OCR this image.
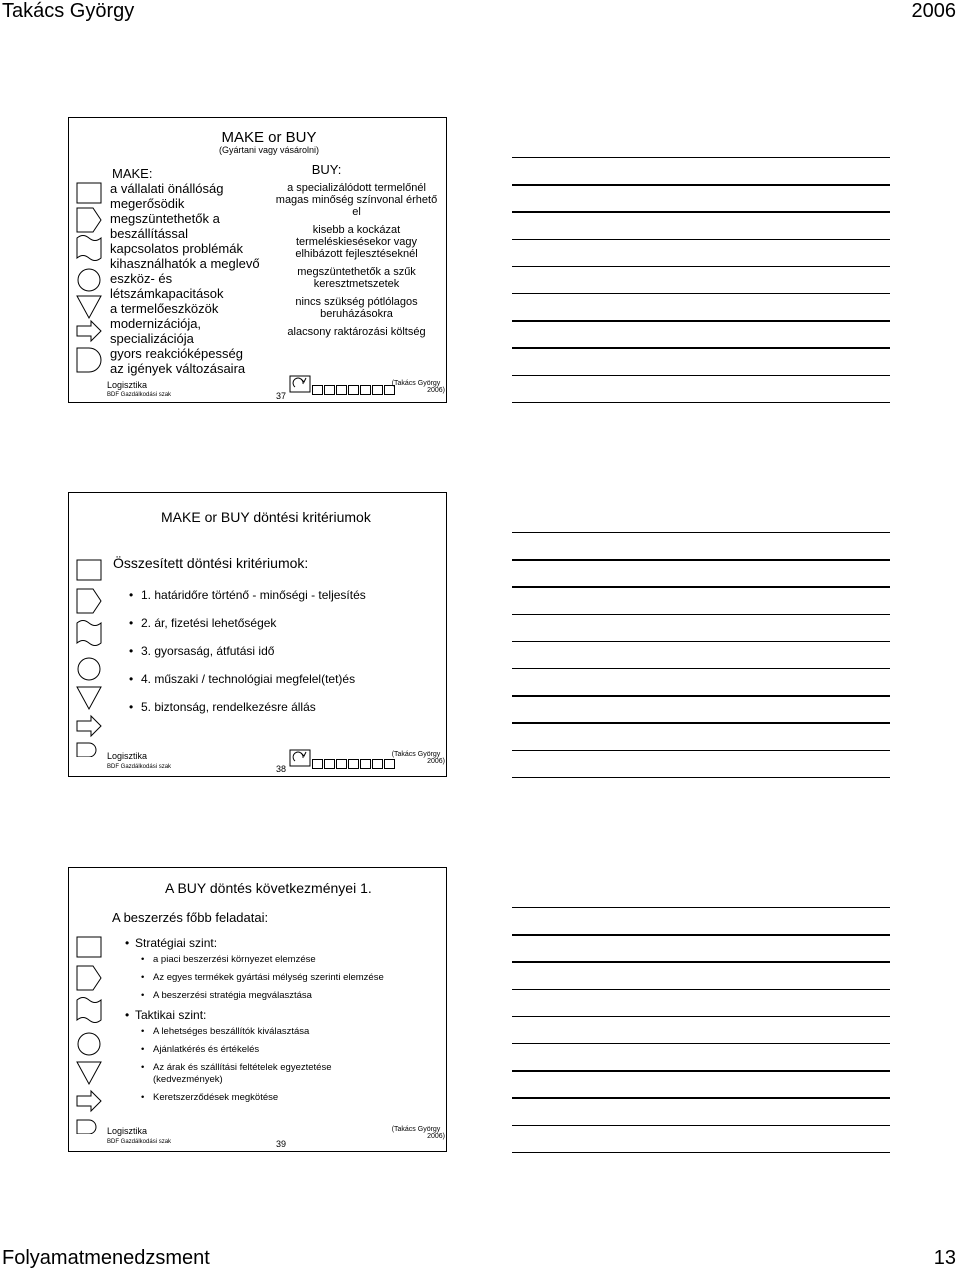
Takács György	2006
Folyamatmenedzsment	13
MAKE or BUY
(Gyártani vagy vásárolni)
MAKE:
a vállalati önállóság megerősödik
megszüntethetők a beszállítással kapcsolatos problémák
kihasználhatók a meglevő eszköz- és létszámkapacitások
a termelőeszközök modernizációja, specializációja
gyors reakcióképesség az igények változásaira
BUY:
a specializálódott termelőnél magas minőség színvonal érhető el
kisebb a kockázat termeléskiesésekor vagy elhibázott fejlesztéseknél
megszüntethetők a szűk keresztmetszetek
nincs szükség pótlólagos beruházásokra
alacsony raktározási költség
Logisztika
BDF Gazdálkodási szak	37
(Takács György
2006)
MAKE or BUY döntési kritériumok
Összesített döntési kritériumok:
• 1. határidőre történő - minőségi - teljesítés
• 2. ár, fizetési lehetőségek
• 3. gyorsaság, átfutási idő
• 4. műszaki / technológiai megfelel(tet)és
• 5. biztonság, rendelkezésre állás
Logisztika
BDF Gazdálkodási szak	38
(Takács György
2006)
A BUY döntés következményei 1.
A beszerzés főbb feladatai:
• Stratégiai szint:
• a piaci beszerzési környezet elemzése
• Az egyes termékek gyártási mélység szerinti elemzése
• A beszerzési stratégia megválasztása
• Taktikai szint:
• A lehetséges beszállítók kiválasztása
• Ajánlatkérés és értékelés
• Az árak és szállítási feltételek egyeztetése (kedvezmények)
• Keretszerződések megkötése
Logisztika
BDF Gazdálkodási szak	39
(Takács György
2006)
